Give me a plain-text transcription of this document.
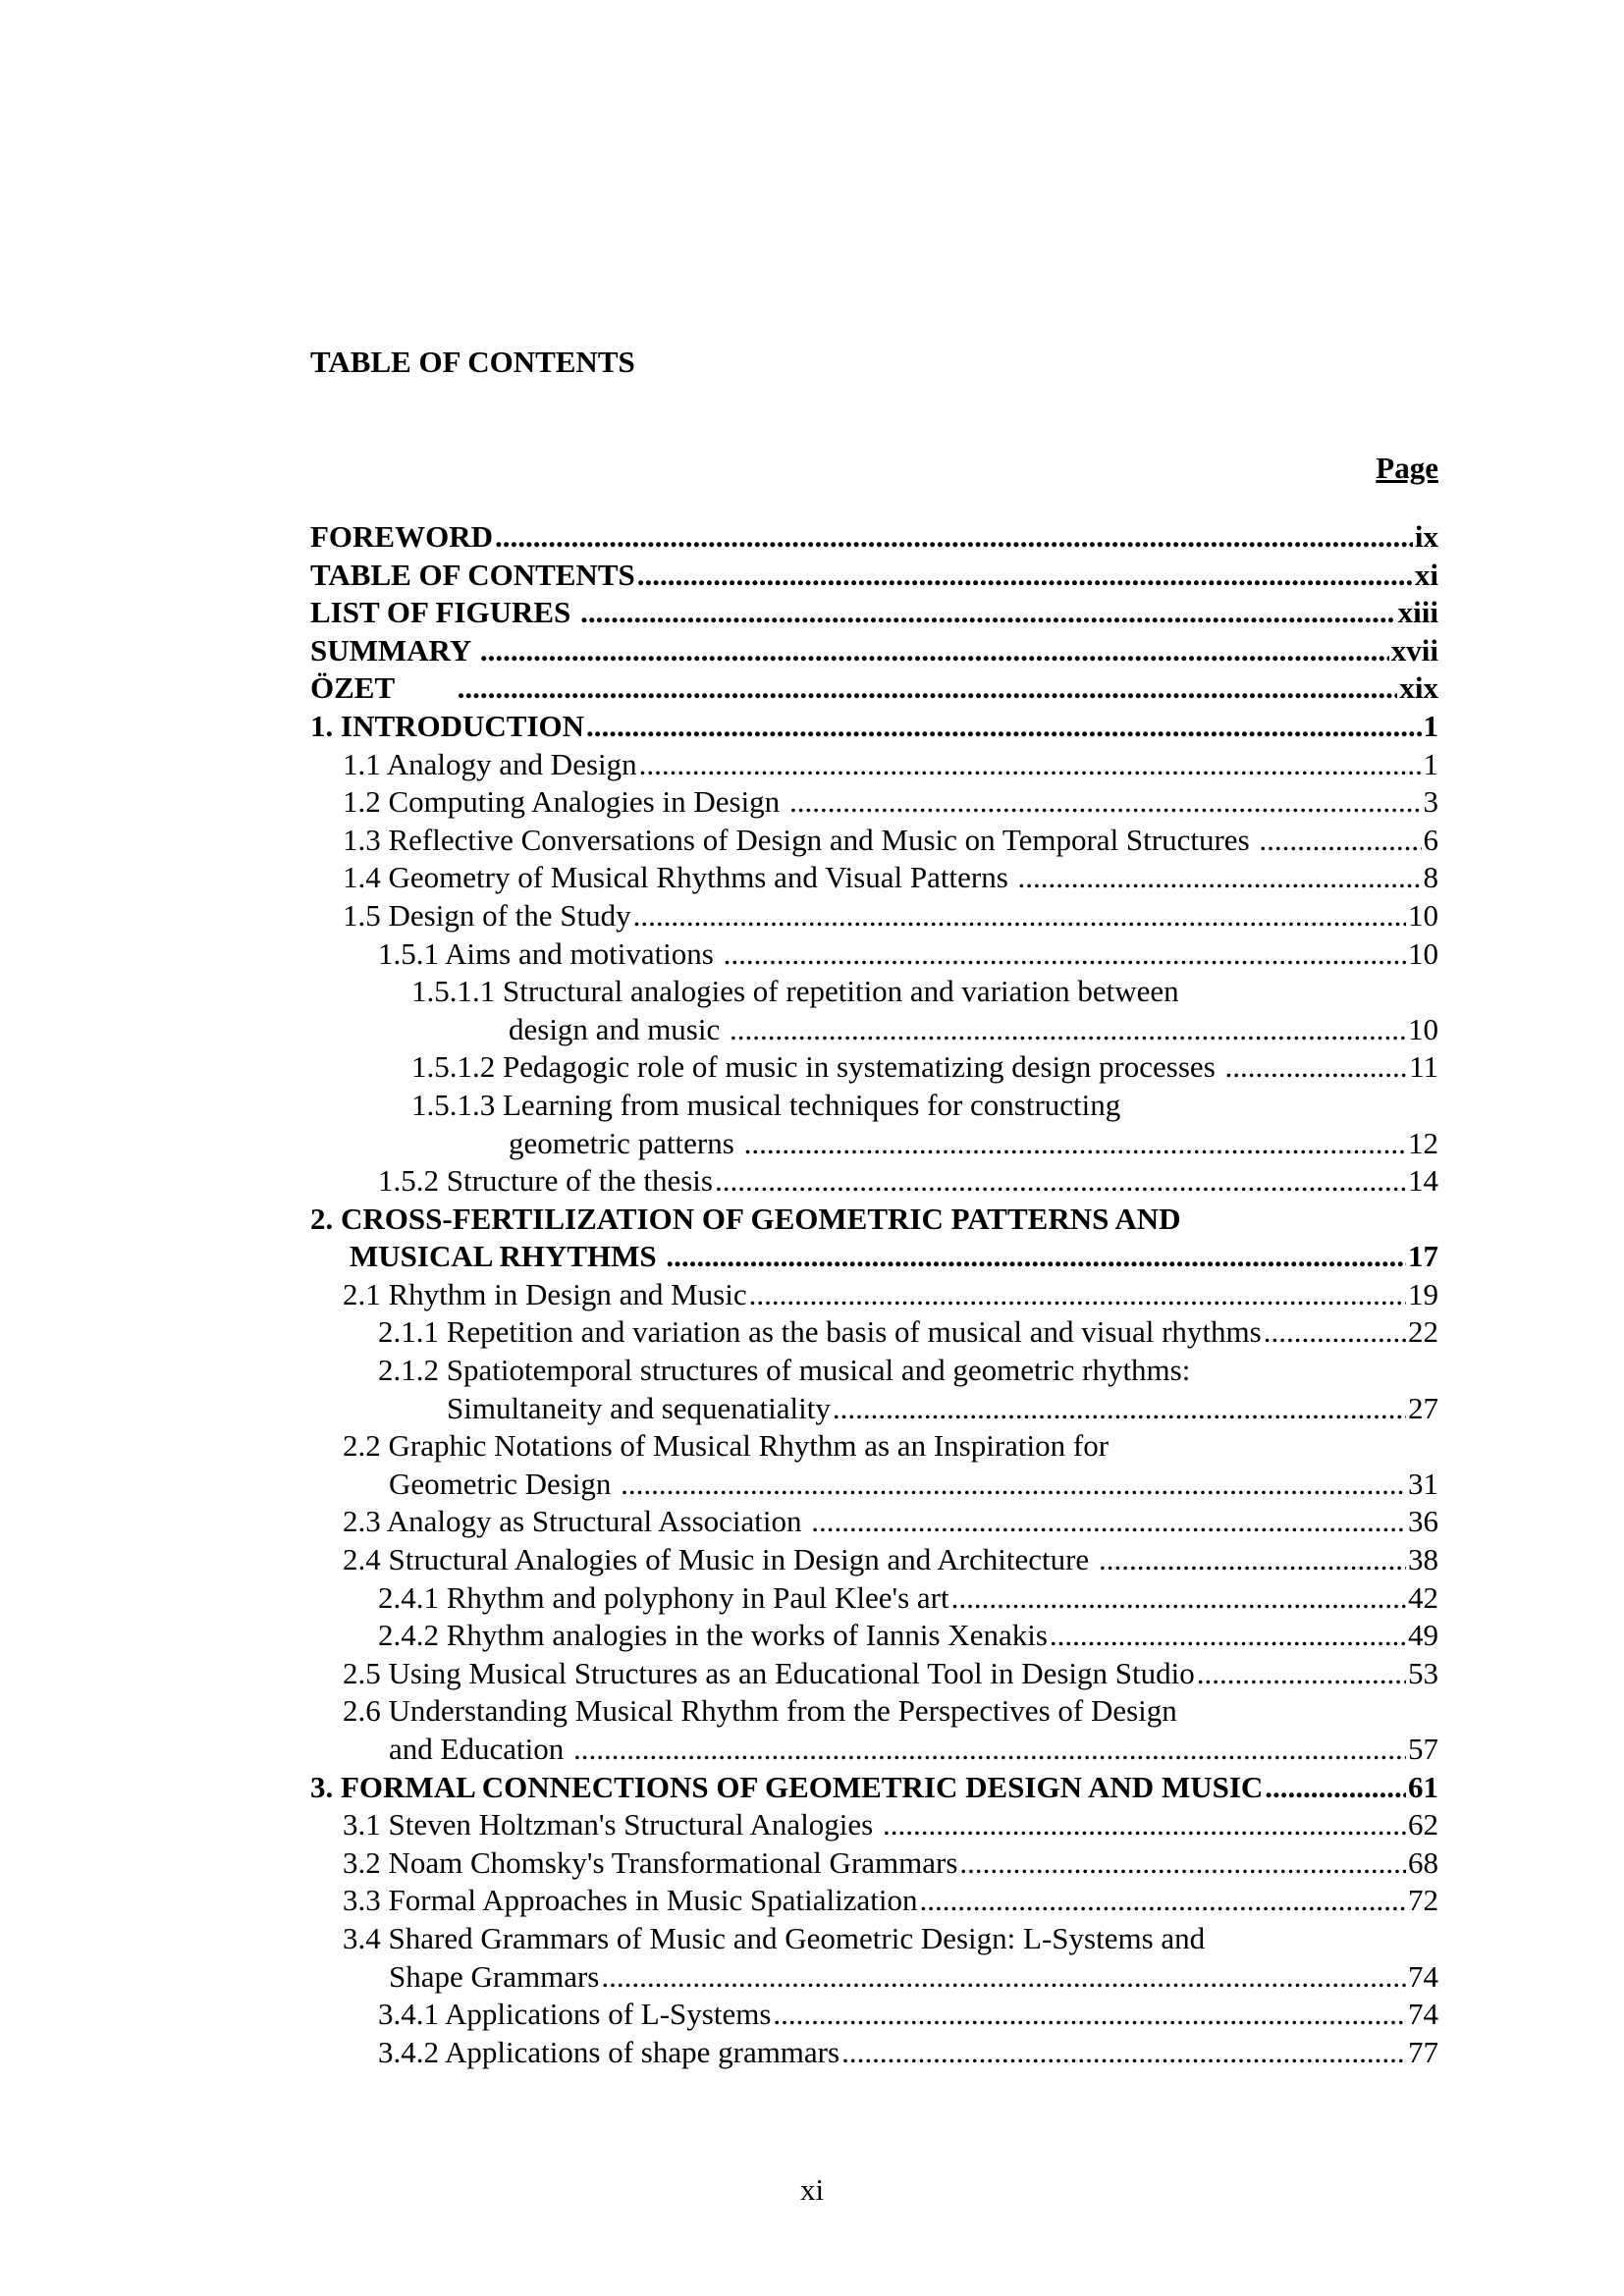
TABLE OF CONTENTS
Page
FOREWORD .....	ix
TABLE OF CONTENTS .....	xi
LIST OF FIGURES .....	xiii
SUMMARY .....	xvii
ÖZET .....	xix
1. INTRODUCTION .....	1
1.1 Analogy and Design .....	1
1.2 Computing Analogies in Design .....	3
1.3 Reflective Conversations of Design and Music on Temporal Structures .....	6
1.4 Geometry of Musical Rhythms and Visual Patterns .....	8
1.5 Design of the Study .....	10
1.5.1 Aims and motivations .....	10
1.5.1.1 Structural analogies of repetition and variation between
design and music .....	10
1.5.1.2 Pedagogic role of music in systematizing design processes .....	11
1.5.1.3 Learning from musical techniques for constructing
geometric patterns .....	12
1.5.2 Structure of the thesis .....	14
2. CROSS-FERTILIZATION OF GEOMETRIC PATTERNS AND
MUSICAL RHYTHMS .....	17
2.1 Rhythm in Design and Music .....	19
2.1.1 Repetition and variation as the basis of musical and visual rhythms .....	22
2.1.2 Spatiotemporal structures of musical and geometric rhythms:
Simultaneity and sequenatiality .....	27
2.2 Graphic Notations of Musical Rhythm as an Inspiration for
Geometric Design .....	31
2.3 Analogy as Structural Association .....	36
2.4 Structural Analogies of Music in Design and Architecture .....	38
2.4.1 Rhythm and polyphony in Paul Klee's art .....	42
2.4.2 Rhythm analogies in the works of Iannis Xenakis .....	49
2.5 Using Musical Structures as an Educational Tool in Design Studio .....	53
2.6 Understanding Musical Rhythm from the Perspectives of Design
and Education .....	57
3. FORMAL CONNECTIONS OF GEOMETRIC DESIGN AND MUSIC .....	61
3.1 Steven Holtzman's Structural Analogies .....	62
3.2 Noam Chomsky's Transformational Grammars .....	68
3.3 Formal Approaches in Music Spatialization .....	72
3.4 Shared Grammars of Music and Geometric Design: L-Systems and
Shape Grammars .....	74
3.4.1 Applications of L-Systems .....	74
3.4.2 Applications of shape grammars .....	77
xi
